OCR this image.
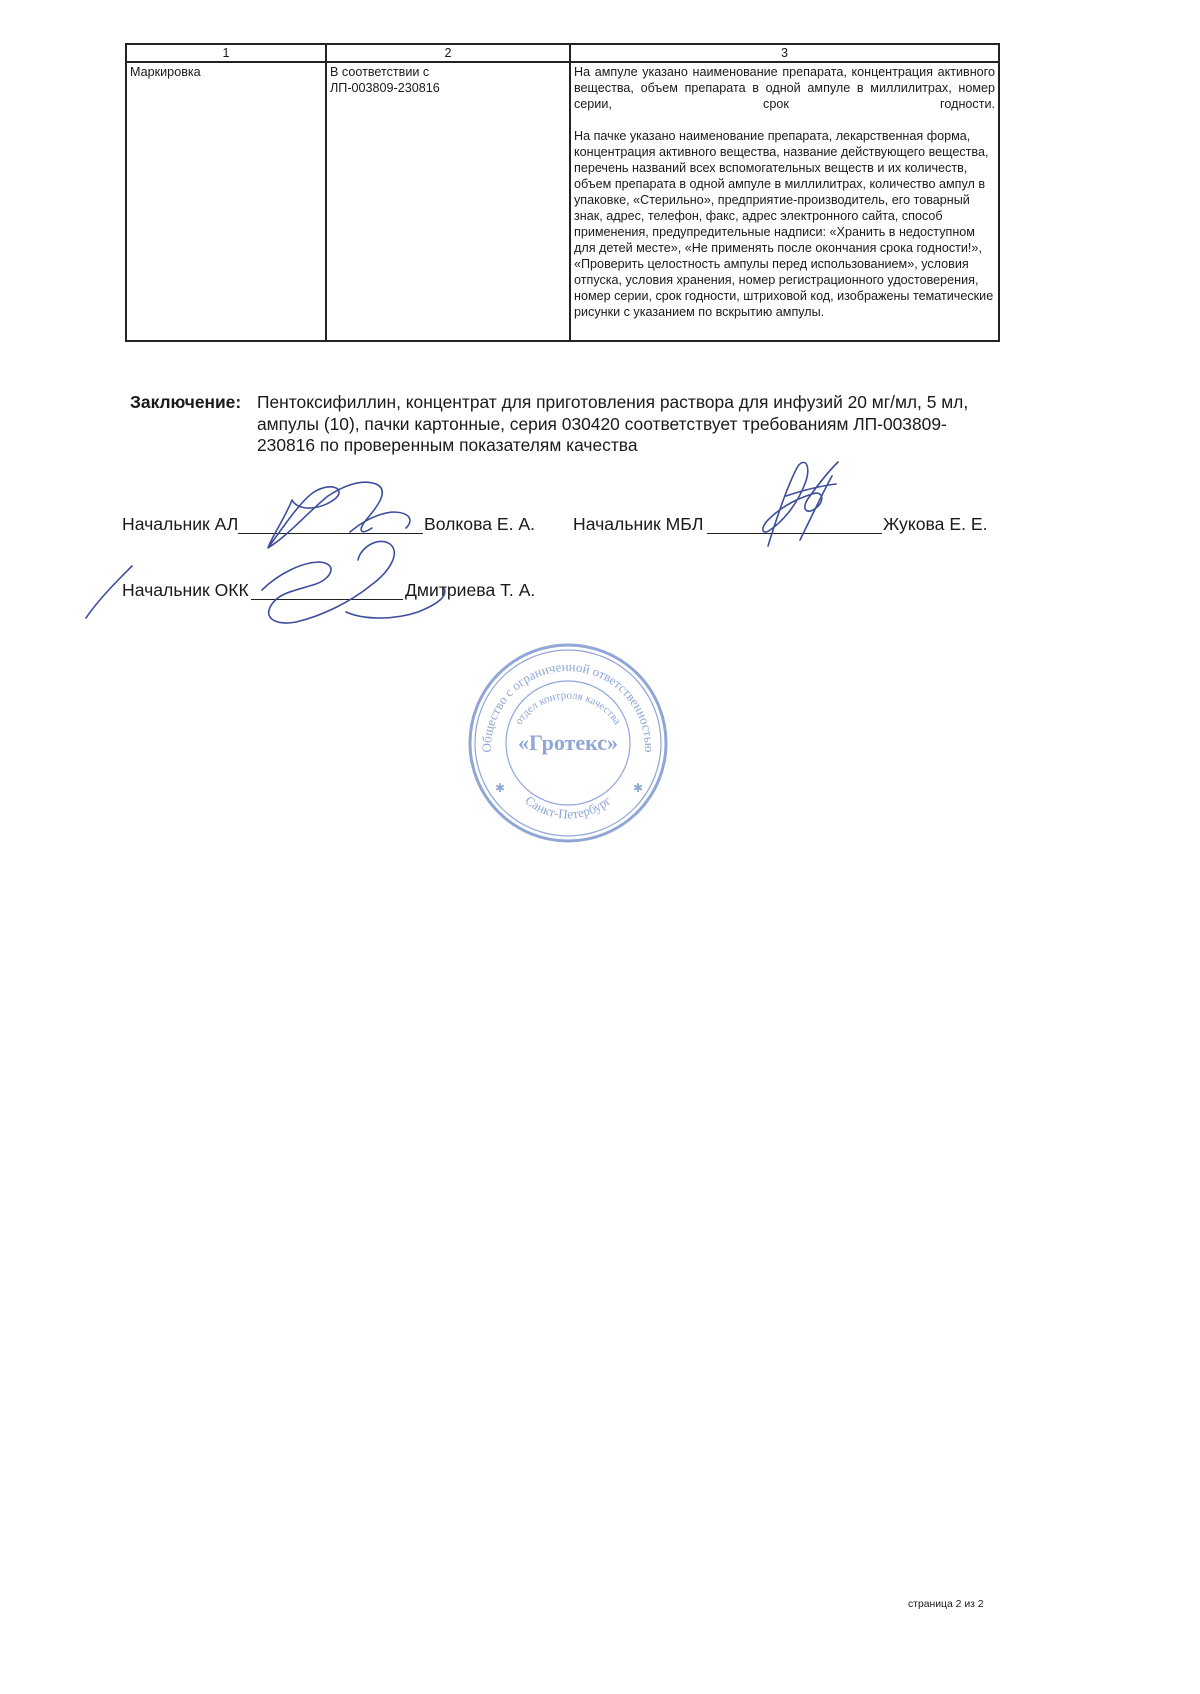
1	2	3
Маркировка	В соответствии с ЛП-003809-230816	На ампуле указано наименование препарата, концентрация активного вещества, объем препарата в одной ампуле в миллилитрах, номер серии, срок годности.
На пачке указано наименование препарата, лекарственная форма, концентрация активного вещества, название действующего вещества, перечень названий всех вспомогательных веществ и их количеств, объем препарата в одной ампуле в миллилитрах, количество ампул в упаковке, «Стерильно», предприятие-производитель, его товарный знак, адрес, телефон, факс, адрес электронного сайта, способ применения, предупредительные надписи: «Хранить в недоступном для детей месте», «Не применять после окончания срока годности!», «Проверить целостность ампулы перед использованием», условия отпуска, условия хранения, номер регистрационного удостоверения, номер серии, срок годности, штриховой код, изображены тематические рисунки с указанием по вскрытию ампулы.
Заключение: Пентоксифиллин, концентрат для приготовления раствора для инфузий 20 мг/мл, 5 мл, ампулы (10), пачки картонные, серия 030420 соответствует требованиям ЛП-003809-230816 по проверенным показателям качества
Начальник АЛ	Волкова Е. А. Начальник МБЛ	Жукова Е. Е.
Начальник ОКК	Дмитриева Т. А.
Общество с ограниченной ответственностью
отдел контроля качества
«Гротекс»
Санкт-Петербург
✱	✱
страница 2 из 2
